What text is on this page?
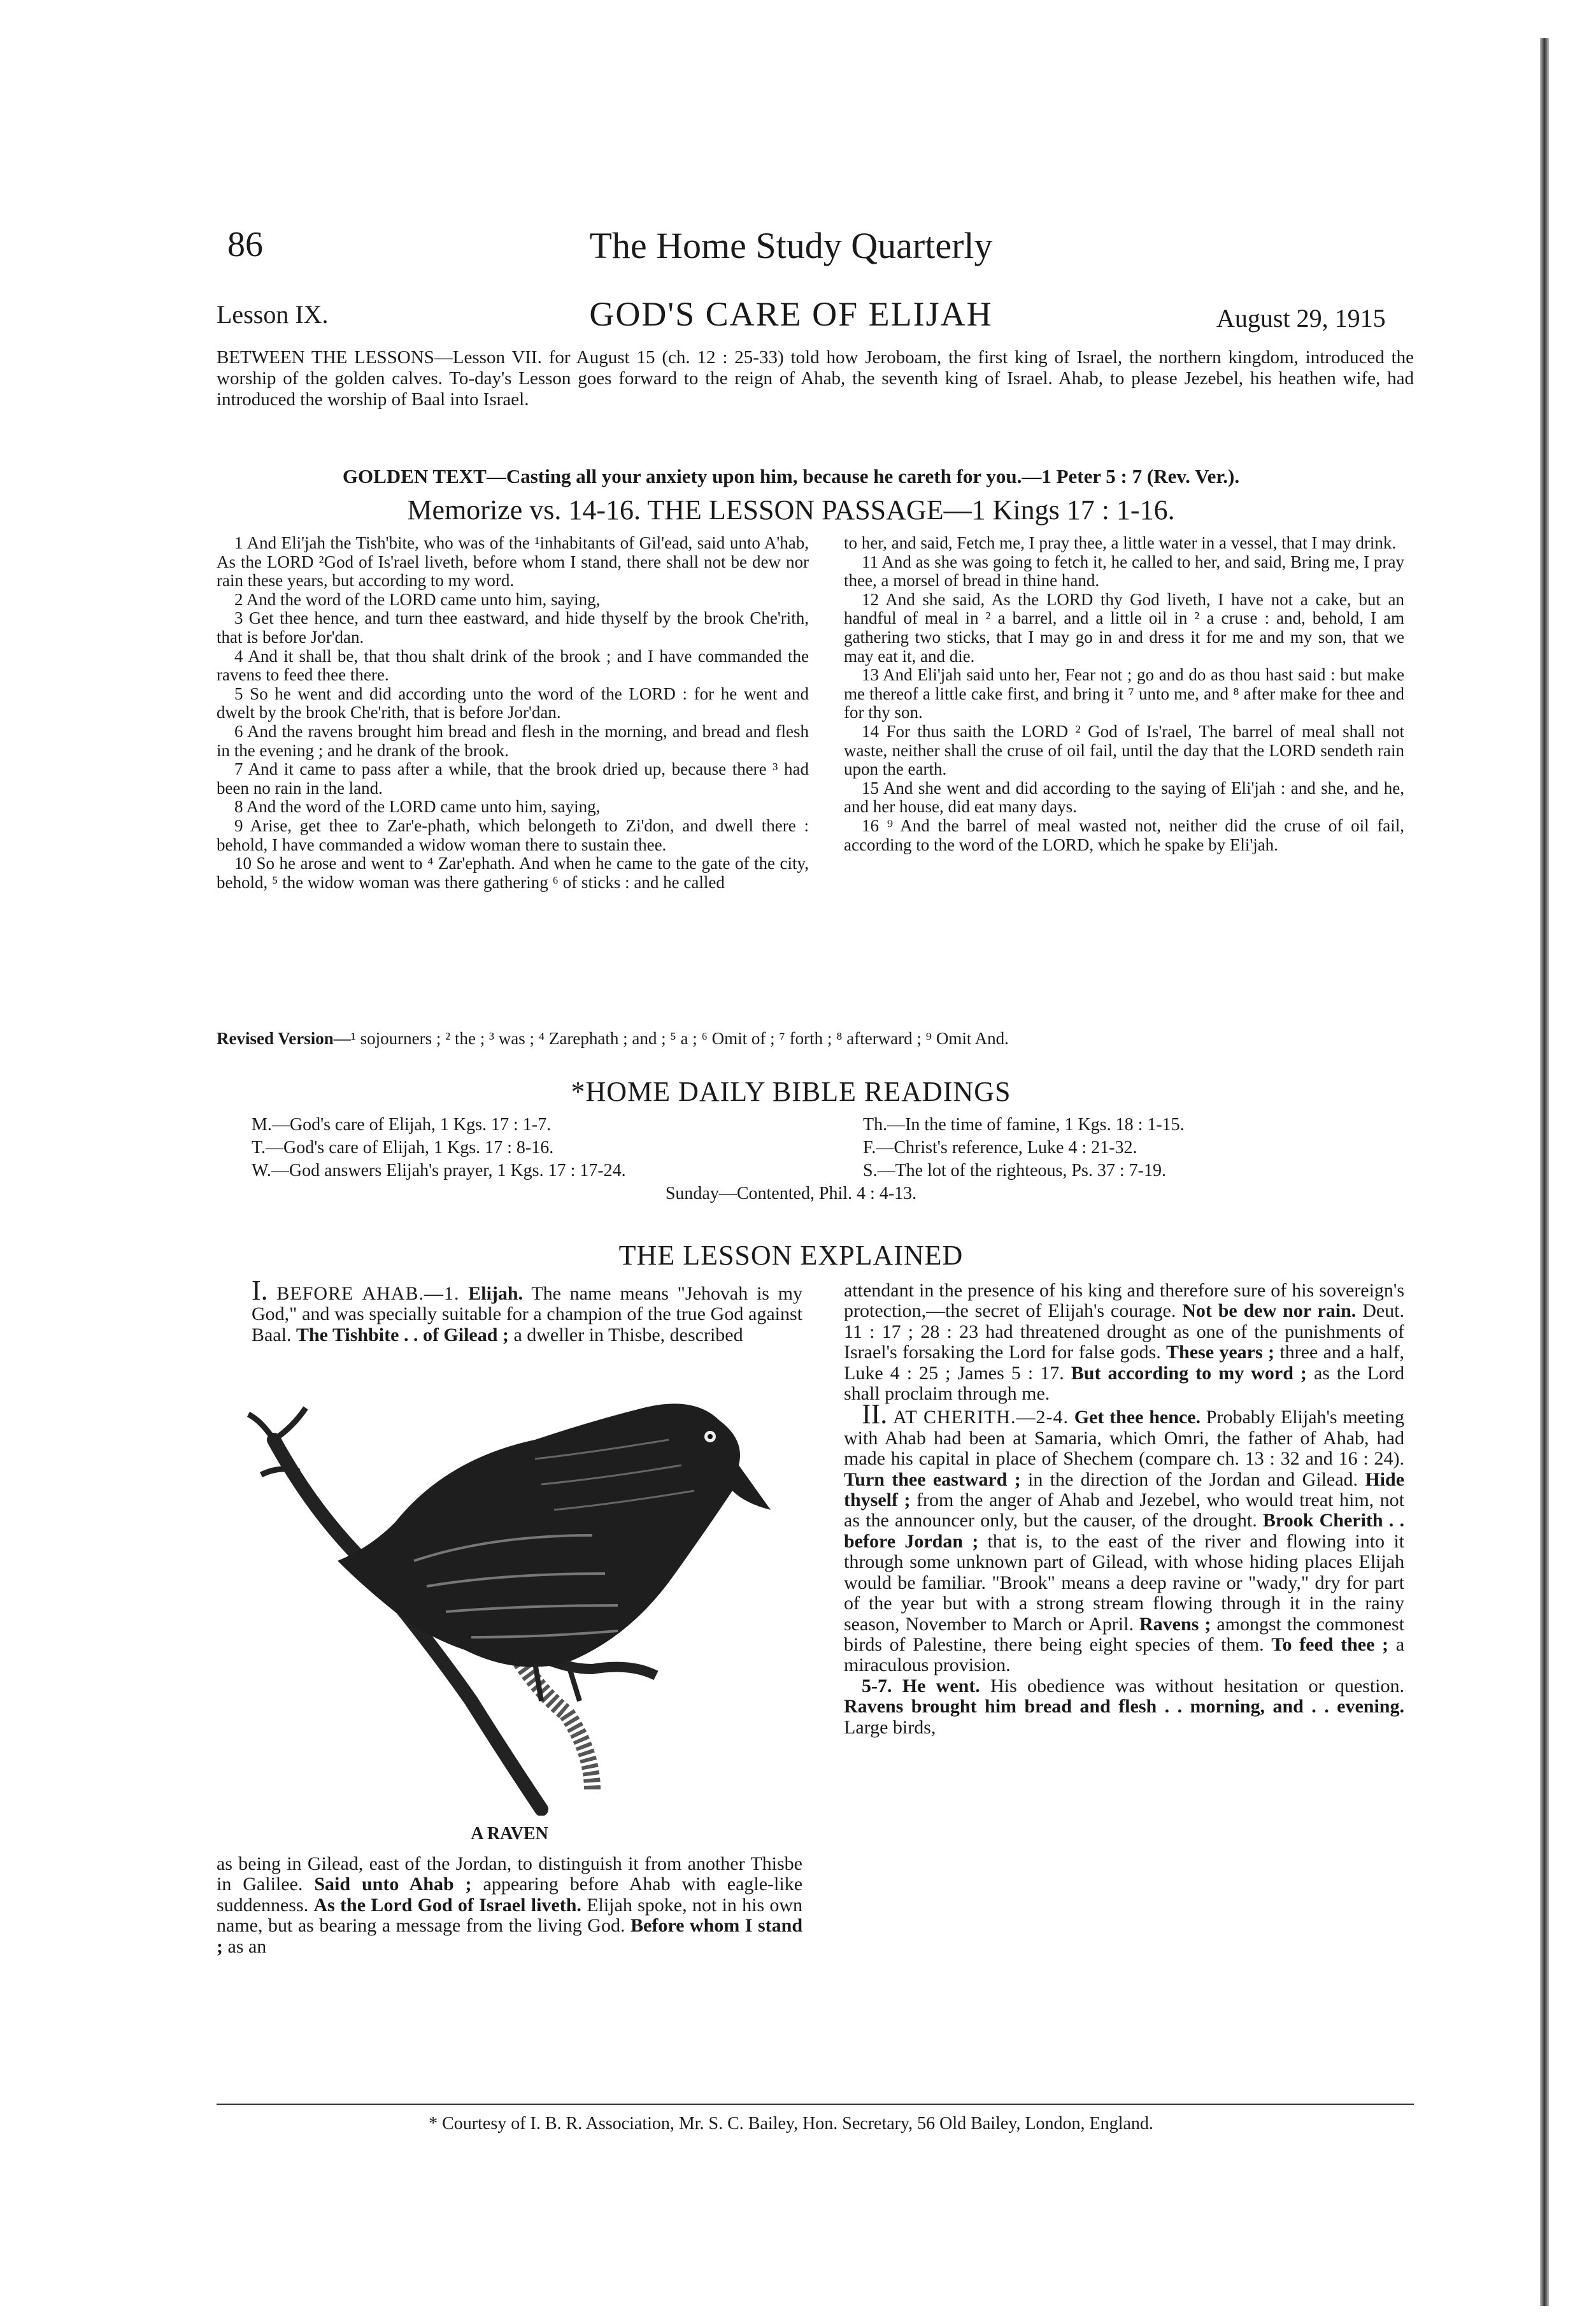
86	The Home Study Quarterly
Lesson IX.	GOD'S CARE OF ELIJAH	August 29, 1915
BETWEEN THE LESSONS—Lesson VII. for August 15 (ch. 12 : 25-33) told how Jeroboam, the first king of Israel, the northern kingdom, introduced the worship of the golden calves. To-day's Lesson goes forward to the reign of Ahab, the seventh king of Israel. Ahab, to please Jezebel, his heathen wife, had introduced the worship of Baal into Israel.
GOLDEN TEXT—Casting all your anxiety upon him, because he careth for you.—1 Peter 5 : 7 (Rev. Ver.).
Memorize vs. 14-16. THE LESSON PASSAGE—1 Kings 17 : 1-16.

1 And Eli'jah the Tish'bite, who was of the ¹inhabitants of Gil'ead, said unto A'hab, As the LORD ²God of Is'rael liveth, before whom I stand, there shall not be dew nor rain these years, but according to my word.

2 And the word of the LORD came unto him, saying,

3 Get thee hence, and turn thee eastward, and hide thyself by the brook Che'rith, that is before Jor'dan.

4 And it shall be, that thou shalt drink of the brook ; and I have commanded the ravens to feed thee there.

5 So he went and did according unto the word of the LORD : for he went and dwelt by the brook Che'rith, that is before Jor'dan.

6 And the ravens brought him bread and flesh in the morning, and bread and flesh in the evening ; and he drank of the brook.

7 And it came to pass after a while, that the brook dried up, because there ³ had been no rain in the land.

8 And the word of the LORD came unto him, saying,

9 Arise, get thee to Zar'e-phath, which belongeth to Zi'don, and dwell there : behold, I have commanded a widow woman there to sustain thee.

10 So he arose and went to ⁴ Zar'ephath. And when he came to the gate of the city, behold, ⁵ the widow woman was there gathering ⁶ of sticks : and he called

to her, and said, Fetch me, I pray thee, a little water in a vessel, that I may drink.

11 And as she was going to fetch it, he called to her, and said, Bring me, I pray thee, a morsel of bread in thine hand.

12 And she said, As the LORD thy God liveth, I have not a cake, but an handful of meal in ² a barrel, and a little oil in ² a cruse : and, behold, I am gathering two sticks, that I may go in and dress it for me and my son, that we may eat it, and die.

13 And Eli'jah said unto her, Fear not ; go and do as thou hast said : but make me thereof a little cake first, and bring it ⁷ unto me, and ⁸ after make for thee and for thy son.

14 For thus saith the LORD ² God of Is'rael, The barrel of meal shall not waste, neither shall the cruse of oil fail, until the day that the LORD sendeth rain upon the earth.

15 And she went and did according to the saying of Eli'jah : and she, and he, and her house, did eat many days.

16 ⁹ And the barrel of meal wasted not, neither did the cruse of oil fail, according to the word of the LORD, which he spake by Eli'jah.

Revised Version—¹ sojourners ; ² the ; ³ was ; ⁴ Zarephath ; and ; ⁵ a ; ⁶ Omit of ; ⁷ forth ; ⁸ afterward ; ⁹ Omit And.
*HOME DAILY BIBLE READINGS
M.—God's care of Elijah, 1 Kgs. 17 : 1-7.
T.—God's care of Elijah, 1 Kgs. 17 : 8-16.
W.—God answers Elijah's prayer, 1 Kgs. 17 : 17-24.
Th.—In the time of famine, 1 Kgs. 18 : 1-15.
F.—Christ's reference, Luke 4 : 21-32.
S.—The lot of the righteous, Ps. 37 : 7-19.
Sunday—Contented, Phil. 4 : 4-13.
THE LESSON EXPLAINED

I. BEFORE AHAB.—1. Elijah. The name means "Jehovah is my God," and was specially suitable for a champion of the true God against Baal. The Tishbite . . of Gilead ; a dweller in Thisbe, described

A RAVEN

as being in Gilead, east of the Jordan, to distinguish it from another Thisbe in Galilee. Said unto Ahab ; appearing before Ahab with eagle-like suddenness. As the Lord God of Israel liveth. Elijah spoke, not in his own name, but as bearing a message from the living God. Before whom I stand ; as an

attendant in the presence of his king and therefore sure of his sovereign's protection,—the secret of Elijah's courage. Not be dew nor rain. Deut. 11 : 17 ; 28 : 23 had threatened drought as one of the punishments of Israel's forsaking the Lord for false gods. These years ; three and a half, Luke 4 : 25 ; James 5 : 17. But according to my word ; as the Lord shall proclaim through me.

II. AT CHERITH.—2-4. Get thee hence. Probably Elijah's meeting with Ahab had been at Samaria, which Omri, the father of Ahab, had made his capital in place of Shechem (compare ch. 13 : 32 and 16 : 24). Turn thee eastward ; in the direction of the Jordan and Gilead. Hide thyself ; from the anger of Ahab and Jezebel, who would treat him, not as the announcer only, but the causer, of the drought. Brook Cherith . . before Jordan ; that is, to the east of the river and flowing into it through some unknown part of Gilead, with whose hiding places Elijah would be familiar. "Brook" means a deep ravine or "wady," dry for part of the year but with a strong stream flowing through it in the rainy season, November to March or April. Ravens ; amongst the commonest birds of Palestine, there being eight species of them. To feed thee ; a miraculous provision.

5-7. He went. His obedience was without hesitation or question. Ravens brought him bread and flesh . . morning, and . . evening. Large birds,

* Courtesy of I. B. R. Association, Mr. S. C. Bailey, Hon. Secretary, 56 Old Bailey, London, England.
